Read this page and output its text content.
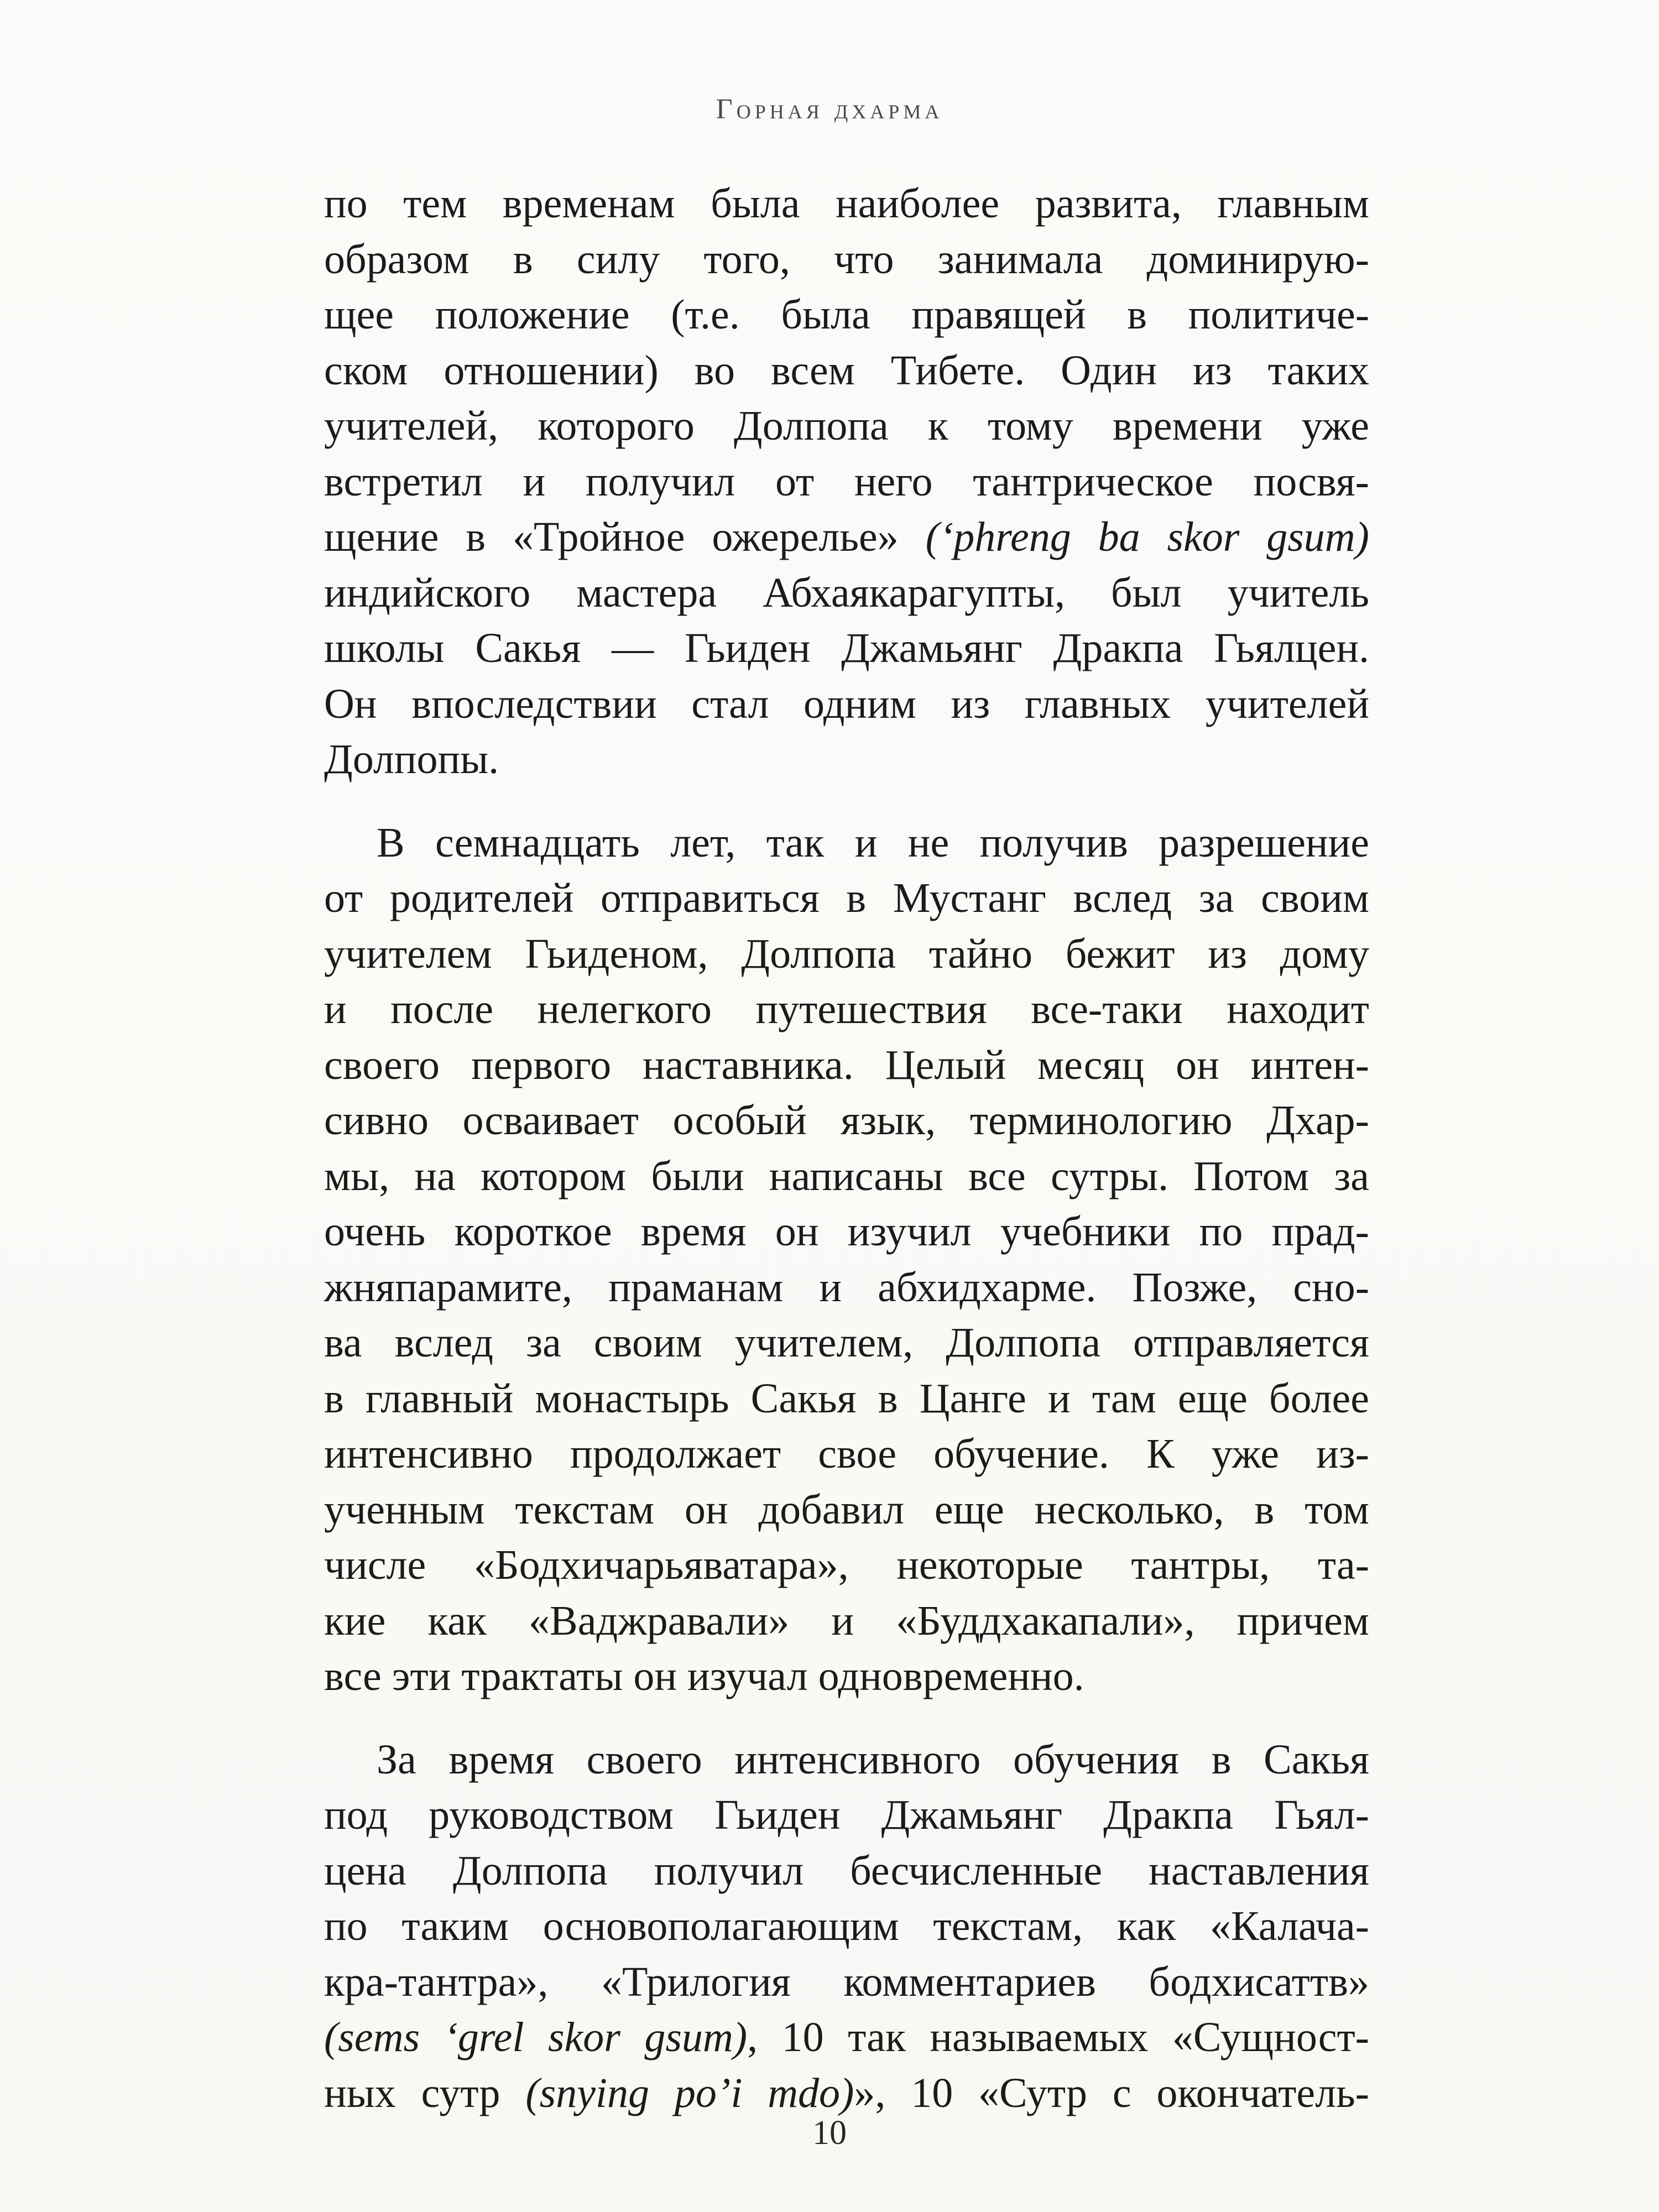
Горная дхарма

по тем временам была наиболее развита, главным

образом в силу того, что занимала доминирую-

щее положение (т.е. была правящей в политиче-

ском отношении) во всем Тибете. Один из таких

учителей, которого Долпопа к тому времени уже

встретил и получил от него тантрическое посвя-

щение в «Тройное ожерелье» (‘phreng ba skor gsum)

индийского мастера Абхаякарагупты, был учитель

школы Сакья — Гьиден Джамьянг Дракпа Гьялцен.

Он впоследствии стал одним из главных учителей

Долпопы.

В семнадцать лет, так и не получив разрешение

от родителей отправиться в Мустанг вслед за своим

учителем Гьиденом, Долпопа тайно бежит из дому

и после нелегкого путешествия все-таки находит

своего первого наставника. Целый месяц он интен-

сивно осваивает особый язык, терминологию Дхар-

мы, на котором были написаны все сутры. Потом за

очень короткое время он изучил учебники по прад-

жняпарамите, праманам и абхидхарме. Позже, сно-

ва вслед за своим учителем, Долпопа отправляется

в главный монастырь Сакья в Цанге и там еще более

интенсивно продолжает свое обучение. К уже из-

ученным текстам он добавил еще несколько, в том

числе «Бодхичарьяватара», некоторые тантры, та-

кие как «Ваджравали» и «Буддхакапали», причем

все эти трактаты он изучал одновременно.

За время своего интенсивного обучения в Сакья

под руководством Гьиден Джамьянг Дракпа Гьял-

цена Долпопа получил бесчисленные наставления

по таким основополагающим текстам, как «Калача-

кра-тантра», «Трилогия комментариев бодхисаттв»

(sems ‘grel skor gsum), 10 так называемых «Сущност-

ных сутр (snying po’i mdo)», 10 «Сутр с окончатель-

10
